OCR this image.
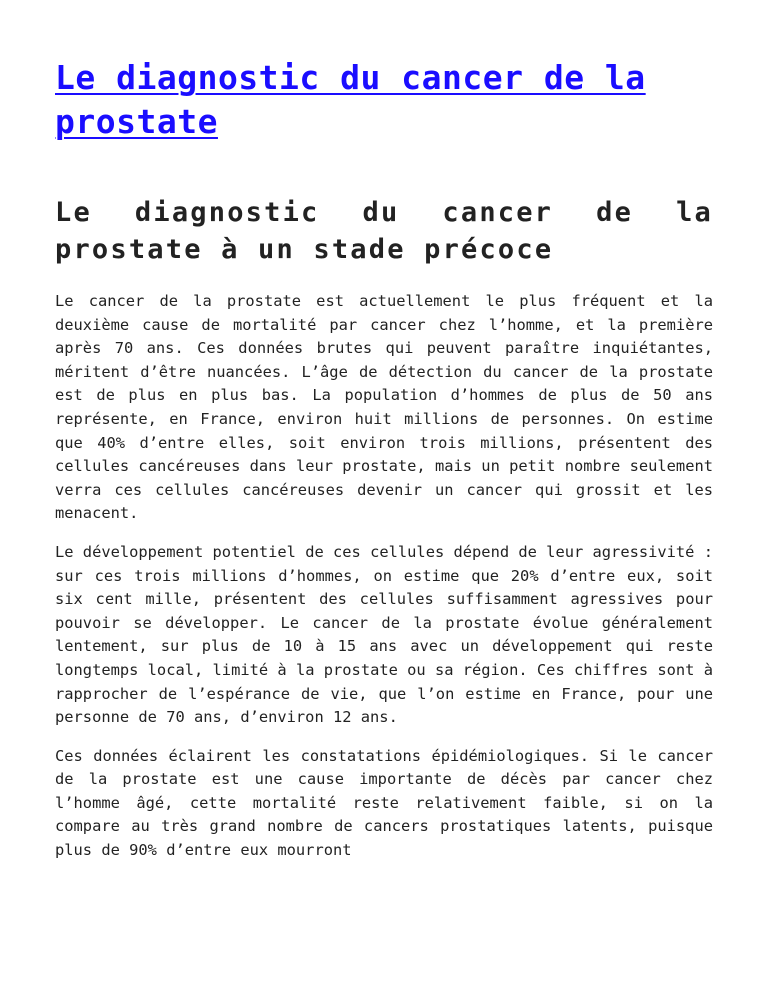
Le diagnostic du cancer de la prostate
Le diagnostic du cancer de la prostate à un stade précoce

Le cancer de la prostate est actuellement le plus fréquent et la deuxième cause de mortalité par cancer chez l’homme, et la première après 70 ans. Ces données brutes qui peuvent paraître inquiétantes, méritent d’être nuancées. L’âge de détection du cancer de la prostate est de plus en plus bas. La population d’hommes de plus de 50 ans représente, en France, environ huit millions de personnes. On estime que 40% d’entre elles, soit environ trois millions, présentent des cellules cancéreuses dans leur prostate, mais un petit nombre seulement verra ces cellules cancéreuses devenir un cancer qui grossit et les menacent.

Le développement potentiel de ces cellules dépend de leur agressivité : sur ces trois millions d’hommes, on estime que 20% d’entre eux, soit six cent mille, présentent des cellules suffisamment agressives pour pouvoir se développer. Le cancer de la prostate évolue généralement lentement, sur plus de 10 à 15 ans avec un développement qui reste longtemps local, limité à la prostate ou sa région. Ces chiffres sont à rapprocher de l’espérance de vie, que l’on estime en France, pour une personne de 70 ans, d’environ 12 ans.

Ces données éclairent les constatations épidémiologiques. Si le cancer de la prostate est une cause importante de décès par cancer chez l’homme âgé, cette mortalité reste relativement faible, si on la compare au très grand nombre de cancers prostatiques latents, puisque plus de 90% d’entre eux mourront
